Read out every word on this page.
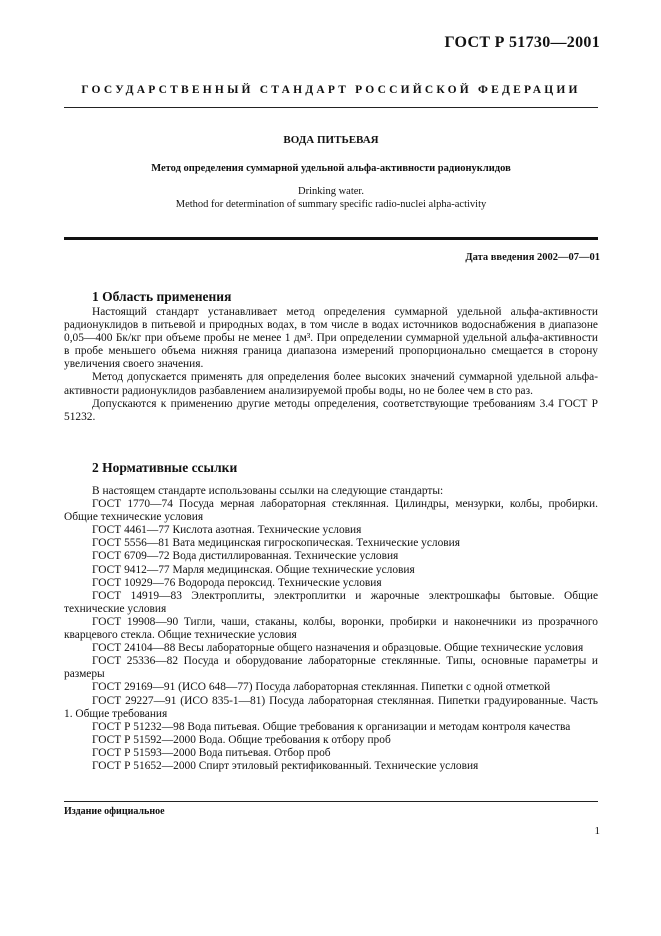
ГОСТ Р 51730—2001
ГОСУДАРСТВЕННЫЙ СТАНДАРТ РОССИЙСКОЙ ФЕДЕРАЦИИ
ВОДА ПИТЬЕВАЯ
Метод определения суммарной удельной альфа-активности радионуклидов
Drinking water.
Method for determination of summary specific radio-nuclei alpha-activity
Дата введения 2002—07—01
1 Область применения

Настоящий стандарт устанавливает метод определения суммарной удельной альфа-активности радионуклидов в питьевой и природных водах, в том числе в водах источников водоснабжения в диапазоне 0,05—400 Бк/кг при объеме пробы не менее 1 дм³. При определении суммарной удельной альфа-активности в пробе меньшего объема нижняя граница диапазона измерений пропорционально смещается в сторону увеличения своего значения.

Метод допускается применять для определения более высоких значений суммарной удельной альфа-активности радионуклидов разбавлением анализируемой пробы воды, но не более чем в сто раз.

Допускаются к применению другие методы определения, соответствующие требованиям 3.4 ГОСТ Р 51232.

2 Нормативные ссылки

В настоящем стандарте использованы ссылки на следующие стандарты:

ГОСТ 1770—74 Посуда мерная лабораторная стеклянная. Цилиндры, мензурки, колбы, пробирки. Общие технические условия

ГОСТ 4461—77 Кислота азотная. Технические условия

ГОСТ 5556—81 Вата медицинская гигроскопическая. Технические условия

ГОСТ 6709—72 Вода дистиллированная. Технические условия

ГОСТ 9412—77 Марля медицинская. Общие технические условия

ГОСТ 10929—76 Водорода пероксид. Технические условия

ГОСТ 14919—83 Электроплиты, электроплитки и жарочные электрошкафы бытовые. Общие технические условия

ГОСТ 19908—90 Тигли, чаши, стаканы, колбы, воронки, пробирки и наконечники из прозрачного кварцевого стекла. Общие технические условия

ГОСТ 24104—88 Весы лабораторные общего назначения и образцовые. Общие технические условия

ГОСТ 25336—82 Посуда и оборудование лабораторные стеклянные. Типы, основные параметры и размеры

ГОСТ 29169—91 (ИСО 648—77) Посуда лабораторная стеклянная. Пипетки с одной отметкой

ГОСТ 29227—91 (ИСО 835-1—81) Посуда лабораторная стеклянная. Пипетки градуированные. Часть 1. Общие требования

ГОСТ Р 51232—98 Вода питьевая. Общие требования к организации и методам контроля качества

ГОСТ Р 51592—2000 Вода. Общие требования к отбору проб

ГОСТ Р 51593—2000 Вода питьевая. Отбор проб

ГОСТ Р 51652—2000 Спирт этиловый ректификованный. Технические условия

Издание официальное
1
